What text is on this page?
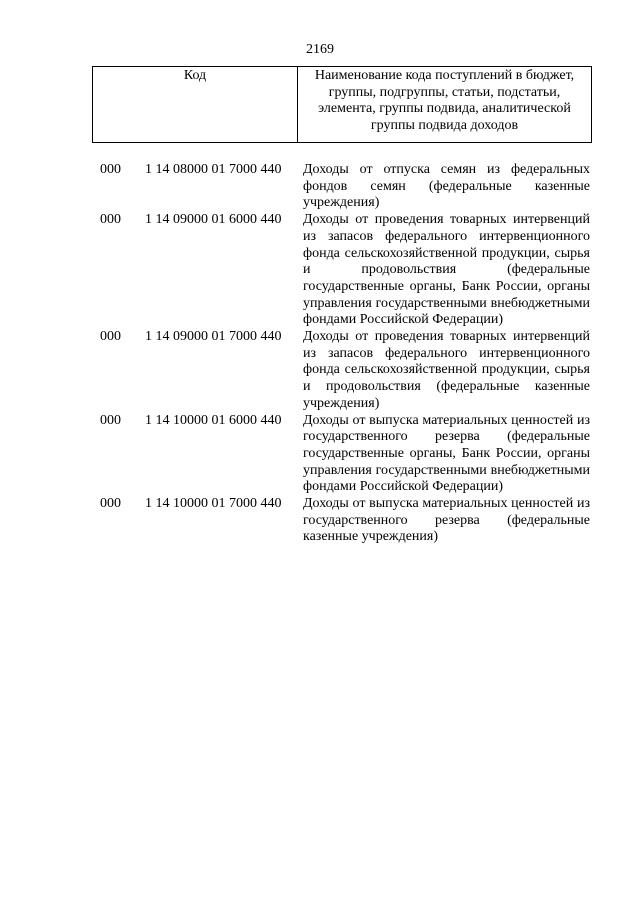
2169
Код	Наименование кода поступлений в бюджет, группы, подгруппы, статьи, подстатьи, элемента, группы подвида, аналитической группы подвида доходов
000	1 14 08000 01 7000 440	Доходы от отпуска семян из федеральных фондов семян (федеральные казенные учреждения)
000	1 14 09000 01 6000 440	Доходы от проведения товарных интервенций из запасов федерального интервенционного фонда сельскохозяйственной продукции, сырья и продовольствия (федеральные государственные органы, Банк России, органы управления государственными внебюджетными фондами Российской Федерации)
000	1 14 09000 01 7000 440	Доходы от проведения товарных интервенций из запасов федерального интервенционного фонда сельскохозяйственной продукции, сырья и продовольствия (федеральные казенные учреждения)
000	1 14 10000 01 6000 440	Доходы от выпуска материальных ценностей из государственного резерва (федеральные государственные органы, Банк России, органы управления государственными внебюджетными фондами Российской Федерации)
000	1 14 10000 01 7000 440	Доходы от выпуска материальных ценностей из государственного резерва (федеральные казенные учреждения)
